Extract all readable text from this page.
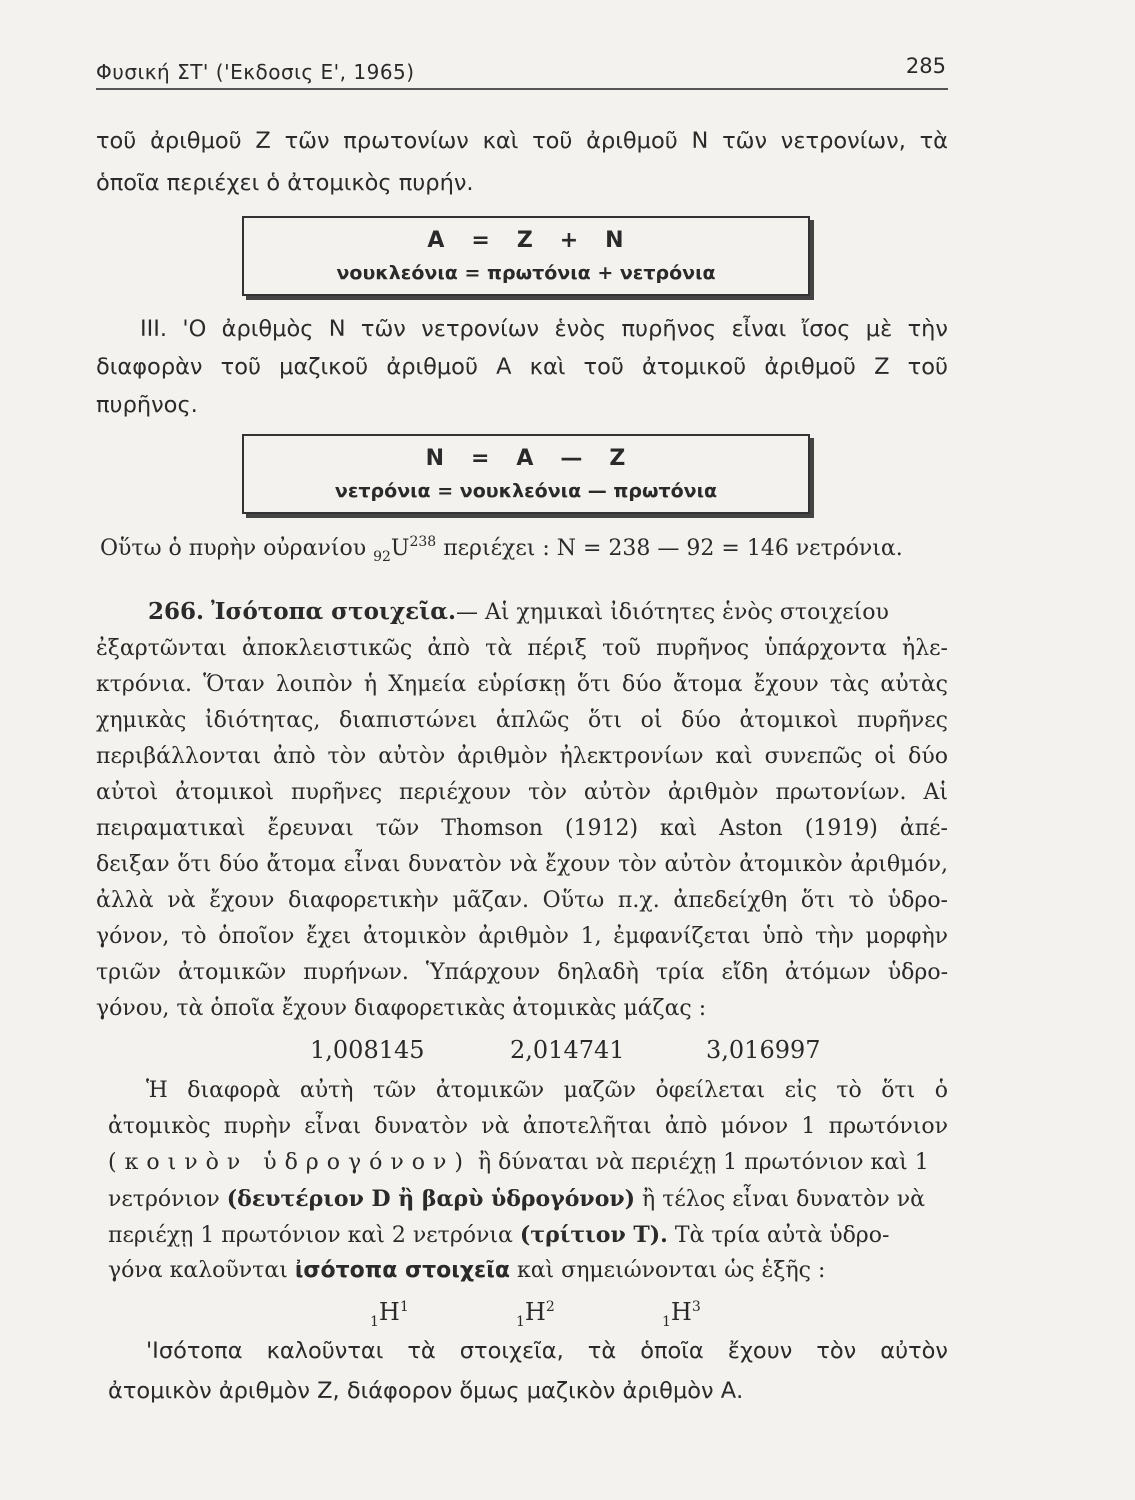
Φυσική ΣΤ' ('Εκδοσις Ε', 1965)	285
τοῦ ἀριθμοῦ Ζ τῶν πρωτονίων καὶ τοῦ ἀριθμοῦ Ν τῶν νετρονίων, τὰ
ὁποῖα περιέχει ὁ ἀτομικὸς πυρήν.
A   =   Z   +   N
νουκλεόνια = πρωτόνια + νετρόνια
ΙΙΙ. 'Ο ἀριθμὸς Ν τῶν νετρονίων ἑνὸς πυρῆνος εἶναι ἴσος μὲ τὴν
διαφορὰν τοῦ μαζικοῦ ἀριθμοῦ Α καὶ τοῦ ἀτομικοῦ ἀριθμοῦ Ζ τοῦ
πυρῆνος.
N   =   A   —   Z
νετρόνια = νουκλεόνια — πρωτόνια
Οὕτω ὁ πυρὴν οὐρανίου $_{92}U^{238}$ περιέχει : N = 238 — 92 = 146 νετρόνια.
266. Ἰσότοπα στοιχεῖα.— Αἱ χημικαὶ ἰδιότητες ἑνὸς στοιχείου
ἐξαρτῶνται ἀποκλειστικῶς ἀπὸ τὰ πέριξ τοῦ πυρῆνος ὑπάρχοντα ἠλε-
κτρόνια. Ὅταν λοιπὸν ἡ Χημεία εὑρίσκῃ ὅτι δύο ἄτομα ἔχουν τὰς αὐτὰς
χημικὰς ἰδιότητας, διαπιστώνει ἁπλῶς ὅτι οἱ δύο ἀτομικοὶ πυρῆνες
περιβάλλονται ἀπὸ τὸν αὐτὸν ἀριθμὸν ἠλεκτρονίων καὶ συνεπῶς οἱ δύο
αὐτοὶ ἀτομικοὶ πυρῆνες περιέχουν τὸν αὐτὸν ἀριθμὸν πρωτονίων. Αἱ
πειραματικαὶ ἔρευναι τῶν Thomson (1912) καὶ Aston (1919) ἀπέ-
δειξαν ὅτι δύο ἄτομα εἶναι δυνατὸν νὰ ἔχουν τὸν αὐτὸν ἀτομικὸν ἀριθμόν,
ἀλλὰ νὰ ἔχουν διαφορετικὴν μᾶζαν. Οὕτω π.χ. ἀπεδείχθη ὅτι τὸ ὑδρο-
γόνον, τὸ ὁποῖον ἔχει ἀτομικὸν ἀριθμὸν 1, ἐμφανίζεται ὑπὸ τὴν μορφὴν
τριῶν ἀτομικῶν πυρήνων. Ὑπάρχουν δηλαδὴ τρία εἴδη ἀτόμων ὑδρο-
γόνου, τὰ ὁποῖα ἔχουν διαφορετικὰς ἀτομικὰς μάζας :
1,008145	2,014741	3,016997
Ἡ διαφορὰ αὐτὴ τῶν ἀτομικῶν μαζῶν ὀφείλεται εἰς τὸ ὅτι ὁ
ἀτομικὸς πυρὴν εἶναι δυνατὸν νὰ ἀποτελῆται ἀπὸ μόνον 1 πρωτόνιον
(κοινὸν ὑδρογόνον) ἢ δύναται νὰ περιέχῃ 1 πρωτόνιον καὶ 1
νετρόνιον (δευτέριον D ἢ βαρὺ ὑδρογόνον) ἢ τέλος εἶναι δυνατὸν νὰ
περιέχῃ 1 πρωτόνιον καὶ 2 νετρόνια (τρίτιον T). Τὰ τρία αὐτὰ ὑδρο-
γόνα καλοῦνται ἰσότοπα στοιχεῖα καὶ σημειώνονται ὡς ἑξῆς :
$_1H^1$
$_1H^2$
$_1H^3$
'Ισότοπα καλοῦνται τὰ στοιχεῖα, τὰ ὁποῖα ἔχουν τὸν αὐτὸν
ἀτομικὸν ἀριθμὸν Ζ, διάφορον ὅμως μαζικὸν ἀριθμὸν Α.
